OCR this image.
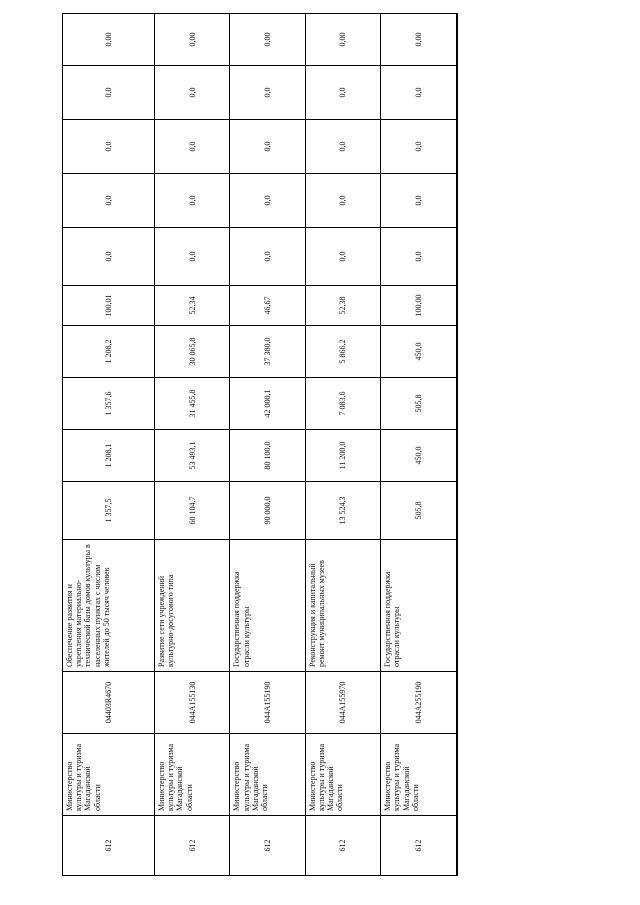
612	Министерство культуры и туризма Магаданской области	04403R4670	Обеспечение развития и укрепления материально-технической базы домов культуры в населенных пунктах с числом жителей до 50 тысяч человек	1 357,5	1 208,1	1 357,6	1 208,2	100,01	0,0	0,0	0,0	0,0	0,00
612	Министерство культуры и туризма Магаданской области	044A155130	Развитие сети учреждений культурно-досугового типа	60 104,7	53 493,1	31 455,8	30 065,8	52,34	0,0	0,0	0,0	0,0	0,00
612	Министерство культуры и туризма Магаданской области	044A155190	Государственная поддержка отрасли культуры	90 000,0	80 100,0	42 000,1	37 380,0	46,67	0,0	0,0	0,0	0,0	0,00
612	Министерство культуры и туризма Магаданской области	044A155970	Реконструкция и капитальный ремонт муниципальных музеев	13 524,3	11 200,0	7 083,6	5 866,2	52,38	0,0	0,0	0,0	0,0	0,00
612	Министерство культуры и туризма Магаданской области	044A255190	Государственная поддержка отрасли культуры	505,8	450,0	505,8	450,0	100,00	0,0	0,0	0,0	0,0	0,00
